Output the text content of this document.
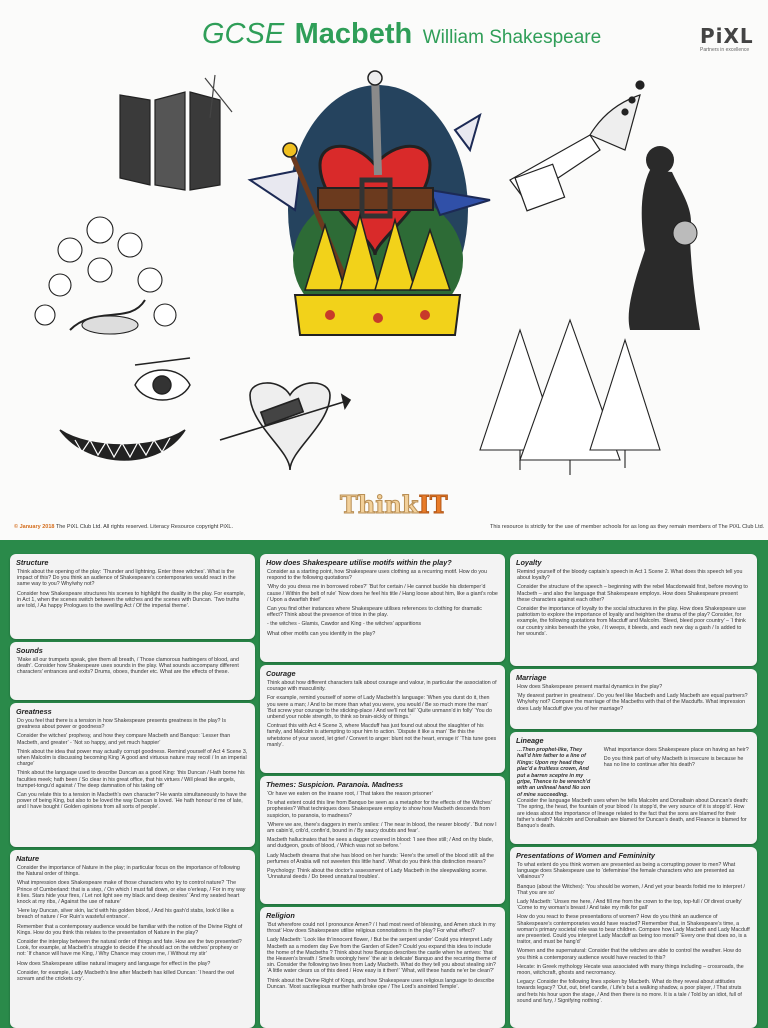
GCSE Macbeth William Shakespeare	PiXL
Partners in excellence
ThinkIT
© January 2018 The PiXL Club Ltd. All rights reserved. Literacy Resource copyright PiXL.	This resource is strictly for the use of member schools for as long as they remain members of The PiXL Club Ltd.
Structure

Think about the opening of the play: ‘Thunder and lightning. Enter three witches’. What is the impact of this? Do you think an audience of Shakespeare’s contemporaries would react in the same way to you? Why/why not?

Consider how Shakespeare structures his scenes to highlight the duality in the play. For example, in Act 1, when the scenes switch between the witches and the scenes with Duncan. ‘Two truths are told, / As happy Prologues to the swelling Act / Of the imperial theme’.

Sounds

‘Make all our trumpets speak, give them all breath, / Those clamorous harbingers of blood, and death’. Consider how Shakespeare uses sounds in the play. What sounds accompany different characters’ entrances and exits? Drums, oboes, thunder etc. What are the effects of these.

Greatness

Do you feel that there is a tension in how Shakespeare presents greatness in the play? Is greatness about power or goodness?

Consider the witches’ prophesy, and how they compare Macbeth and Banquo: ‘Lesser than Macbeth, and greater’ - ‘Not so happy, and yet much happier’

Think about the idea that power may actually corrupt goodness. Remind yourself of Act 4 Scene 3, when Malcolm is discussing becoming King ‘A good and virtuous nature may recoil / In an imperial charge’

Think about the language used to describe Duncan as a good King: ‘this Duncan / Hath borne his faculties meek; hath been / So clear in his great office, that his virtues / Will plead like angels, trumpet-tongu’d against / The deep damnation of his taking off’

Can you relate this to a tension in Macbeth’s own character? He wants simultaneously to have the power of being King, but also to be loved the way Duncan is loved. ‘He hath honour’d me of late, and I have bought / Golden opinions from all sorts of people’.

Nature

Consider the importance of Nature in the play; in particular focus on the importance of following the Natural order of things.

What impression does Shakespeare make of those characters who try to control nature? ‘The Prince of Cumberland: that is a step, / On which I must fall down, or else o’erleap, / For in my way it lies. Stars hide your fires, / Let not light see my black and deep desires’ ‘And my seated heart knock at my ribs, / Against the use of nature’

‘Here lay Duncan, silver skin, lac’d with his golden blood, / And his gash’d stabs, look’d like a breach of nature / For Ruin’s wasteful entrance’.

Remember that a contemporary audience would be familiar with the notion of the Divine Right of Kings. How do you think this relates to the presentation of Nature in the play?

Consider the interplay between the natural order of things and fate. How are the two presented? Look, for example, at Macbeth’s struggle to decide if he should act on the witches’ prophesy or not: ‘If chance will have me King, / Why Chance may crown me, / Without my stir’

How does Shakespeare utilise natural imagery and language for effect in the play?

Consider, for example, Lady Macbeth’s line after Macbeth has killed Duncan: ‘I heard the owl scream and the crickets cry’.

How does Shakespeare utilise motifs within the play?

Consider as a starting point, how Shakespeare uses clothing as a recurring motif. How do you respond to the following quotations?

‘Why do you dress me in borrowed robes?’ ‘But for certain / He cannot buckle his distemper’d cause / Within the belt of rule’ ‘Now does he feel his title / Hang loose about him, like a giant’s robe / Upon a dwarfish thief’

Can you find other instances where Shakespeare utilises references to clothing for dramatic effect? Think about the presence of trios in the play.

- the witches - Glamis, Cawdor and King - the witches’ apparitions

What other motifs can you identify in the play?

Courage

Think about how different characters talk about courage and valour, in particular the association of courage with masculinity.

For example, remind yourself of some of Lady Macbeth’s language: ‘When you durst do it, then you were a man; / And to be more than what you were, you would / Be so much more the man’ ‘But screw your courage to the sticking-place / And we’ll not fail’ ‘Quite unmann’d in folly’ ‘You do unbend your noble strength, to think so brain-sickly of things.’

Contrast this with Act 4 Scene 3, where Macduff has just found out about the slaughter of his family, and Malcolm is attempting to spur him to action. ‘Dispute it like a man’ ‘Be this the whetstone of your sword, let grief / Convert to anger: blunt not the heart, enrage it’ ‘This tune goes manly’.

Themes: Suspicion. Paranoia. Madness

‘Or have we eaten on the insane root, / That takes the reason prisoner’

To what extent could this line from Banquo be seen as a metaphor for the effects of the Witches’ prophesies? What techniques does Shakespeare employ to show how Macbeth descends from suspicion, to paranoia, to madness?

‘Where we are, there’s daggers in men’s smiles: / The near in blood, the nearer bloody’. ‘But now I am cabin’d, crib’d, confin’d, bound in / By saucy doubts and fear’.

Macbeth hallucinates that he sees a dagger covered in blood: ‘I see thee still; / And on thy blade, and dudgeon, gouts of blood, / Which was not so before.’

Lady Macbeth dreams that she has blood on her hands: ‘Here’s the smell of the blood still: all the perfumes of Arabia will not sweeten this little hand’. What do you think this distinction means?

Psychology: Think about the doctor’s assessment of Lady Macbeth in the sleepwalking scene. ‘Unnatural deeds / Do breed unnatural troubles’.

Religion

‘But wherefore could not I pronounce Amen? / I had most need of blessing, and Amen stuck in my throat’ How does Shakespeare utilise religious connotations in the play? For what effect?

Lady Macbeth: ‘Look like th’innocent flower, / But be the serpent under’ Could you interpret Lady Macbeth as a modern day Eve from the Garden of Eden? Could you expand this idea to include the home of the Macbeths ? Think about how Banquo describes the castle when he arrives: ‘that the Heaven’s breath / Smells wooingly here’ ‘the air is delicate’ Banquo and the recurring theme of sin. Consider the following two lines from Lady Macbeth. What do they tell you about stealing sin? ‘A little water clears us of this deed / How easy is it then!’ ‘What, will these hands ne’er be clean?’

Think about the Divine Right of Kings, and how Shakespeare uses religious language to describe Duncan. ‘Most sacrilegious murther hath broke ope / The Lord’s anointed Temple’.

Loyalty

Remind yourself of the bloody captain’s speech in Act 1 Scene 2. What does this speech tell you about loyalty?

Consider the structure of the speech – beginning with the rebel Macdonwald first, before moving to Macbeth – and also the language that Shakespeare employs. How does Shakespeare present these characters against each other?

Consider the importance of loyalty to the social structures in the play. How does Shakespeare use patriotism to explore the importance of loyalty and heighten the drama of the play? Consider, for example, the following quotations from Macduff and Malcolm. ‘Bleed, bleed poor country’ – ‘I think our country sinks beneath the yoke, / It weeps, it bleeds, and each new day a gash / Is added to her wounds’.

Marriage

How does Shakespeare present marital dynamics in the play?

‘My dearest partner in greatness’. Do you feel like Macbeth and Lady Macbeth are equal partners? Why/why not? Compare the marriage of the Macbeths with that of the Macduffs. What impression does Lady Macduff give you of her marriage?

Lineage
…Then prophet-like, They hail’d him father to a line of Kings: Upon my head they plac’d a fruitless crown, And put a barren sceptre in my gripe, Thence to be wrench’d with an unlineal hand No son of mine succeeding.

What importance does Shakespeare place on having an heir?

Do you think part of why Macbeth is insecure is because he has no line to continue after his death?

Consider the language Macbeth uses when he tells Malcolm and Donalbain about Duncan’s death: ‘The spring, the head, the fountain of your blood / Is stopp’d, the very source of it is stopp’d’. How are ideas about the importance of lineage related to the fact that the sons are blamed for their father’s death? Malcolm and Donalbain are blamed for Duncan’s death, and Fleance is blamed for Banquo’s death.

Presentations of Women and Femininity

To what extent do you think women are presented as being a corrupting power to men? What language does Shakespeare use to ‘defeminise’ the female characters who are presented as ‘villainous’?

Banquo (about the Witches): ‘You should be women, / And yet your beards forbid me to interpret / That you are so’

Lady Macbeth: ‘Unsex me here, / And fill me from the crown to the top, top-full / Of direst cruelty’ ‘Come to my woman’s breast / And take my milk for gall’

How do you react to these presentations of women? How do you think an audience of Shakespeare’s contemporaries would have reacted? Remember that, in Shakespeare’s time, a woman’s primary societal role was to bear children. Compare how Lady Macbeth and Lady Macduff are presented. Could you interpret Lady Macduff as being too moral? ‘Every one that does so, is a traitor, and must be hang’d’

Women and the supernatural: Consider that the witches are able to control the weather. How do you think a contemporary audience would have reacted to this?

Hecate: in Greek mythology Hecate was associated with many things including – crossroads, the moon, witchcraft, ghosts and necromancy.

Legacy: Consider the following lines spoken by Macbeth. What do they reveal about attitudes towards legacy? ‘Out, out, brief candle, / Life’s but a walking shadow, a poor player, / That struts and frets his hour upon the stage, / And then there is no more. It is a tale / Told by an idiot, full of sound and fury, / Signifying nothing’.
